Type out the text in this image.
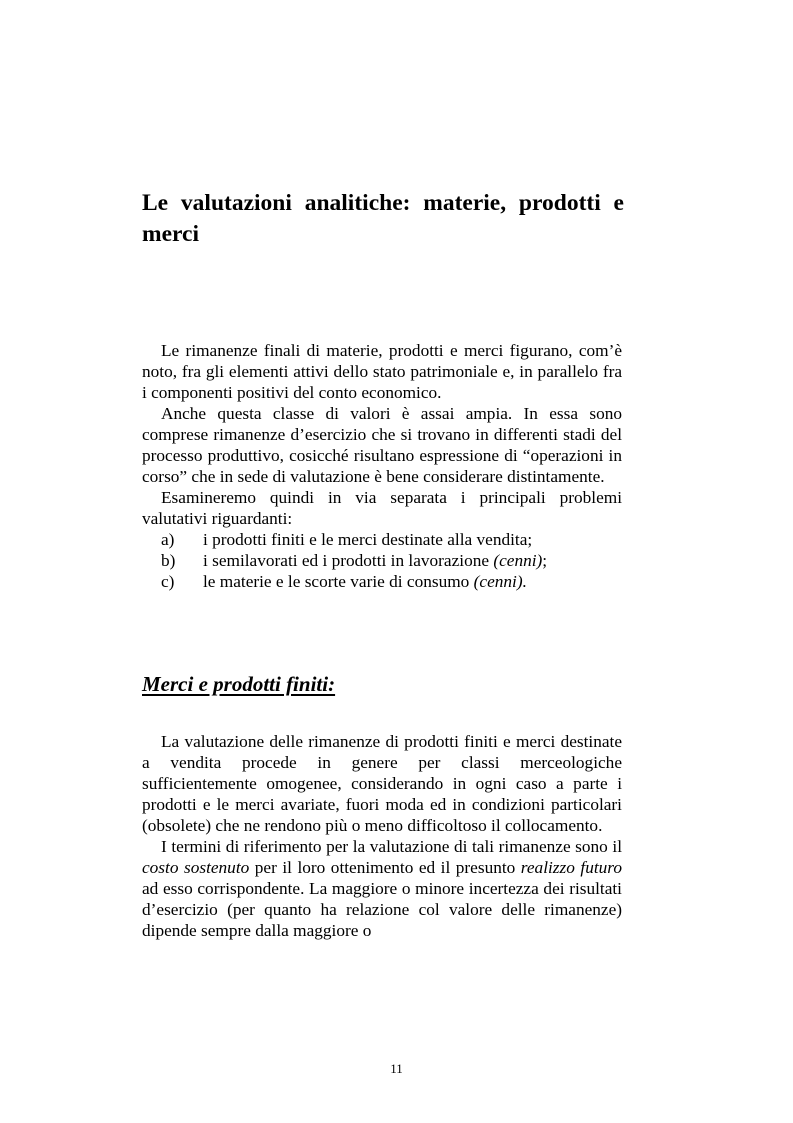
Le valutazioni analitiche: materie, prodotti e
merci

Le rimanenze finali di materie, prodotti e merci figurano, com’è noto, fra gli elementi attivi dello stato patrimoniale e, in parallelo fra i componenti positivi del conto economico.

Anche questa classe di valori è assai ampia. In essa sono comprese rimanenze d’esercizio che si trovano in differenti stadi del processo produttivo, cosicché risultano espressione di “operazioni in corso” che in sede di valutazione è bene considerare distintamente.

Esamineremo quindi in via separata i principali problemi valutativi riguardanti:

a) i prodotti finiti e le merci destinate alla vendita;
b) i semilavorati ed i prodotti in lavorazione (cenni);
c) le materie e le scorte varie di consumo (cenni).
Merci e prodotti finiti:

La valutazione delle rimanenze di prodotti finiti e merci destinate a vendita procede in genere per classi merceologiche sufficientemente omogenee, considerando in ogni caso a parte i prodotti e le merci avariate, fuori moda ed in condizioni particolari (obsolete) che ne rendono più o meno difficoltoso il collocamento.

I termini di riferimento per la valutazione di tali rimanenze sono il costo sostenuto per il loro ottenimento ed il presunto realizzo futuro ad esso corrispondente. La maggiore o minore incertezza dei risultati d’esercizio (per quanto ha relazione col valore delle rimanenze) dipende sempre dalla maggiore o

11
